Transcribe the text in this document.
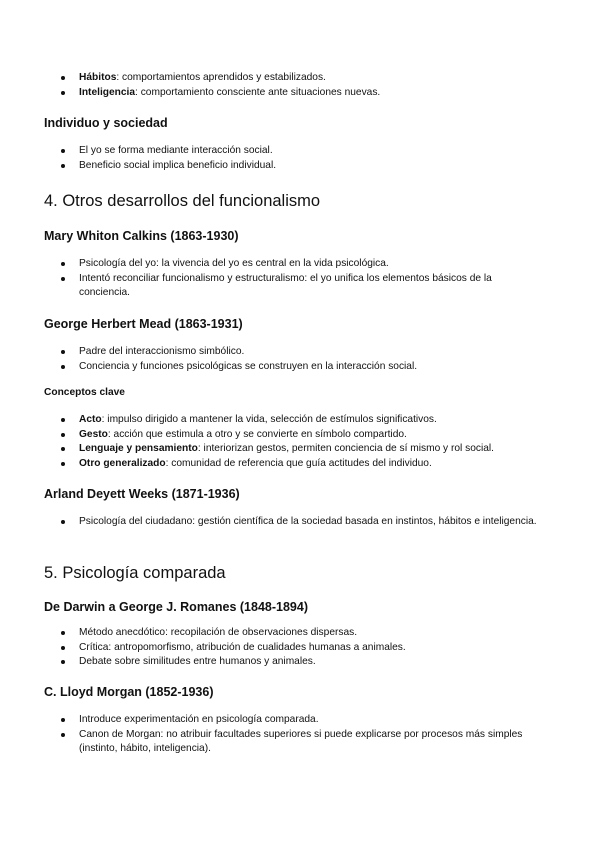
Hábitos: comportamientos aprendidos y estabilizados.
Inteligencia: comportamiento consciente ante situaciones nuevas.
Individuo y sociedad
El yo se forma mediante interacción social.
Beneficio social implica beneficio individual.
4. Otros desarrollos del funcionalismo
Mary Whiton Calkins (1863-1930)
Psicología del yo: la vivencia del yo es central en la vida psicológica.
Intentó reconciliar funcionalismo y estructuralismo: el yo unifica los elementos básicos de la conciencia.
George Herbert Mead (1863-1931)
Padre del interaccionismo simbólico.
Conciencia y funciones psicológicas se construyen en la interacción social.
Conceptos clave
Acto: impulso dirigido a mantener la vida, selección de estímulos significativos.
Gesto: acción que estimula a otro y se convierte en símbolo compartido.
Lenguaje y pensamiento: interiorizan gestos, permiten conciencia de sí mismo y rol social.
Otro generalizado: comunidad de referencia que guía actitudes del individuo.
Arland Deyett Weeks (1871-1936)
Psicología del ciudadano: gestión científica de la sociedad basada en instintos, hábitos e inteligencia.
5. Psicología comparada
De Darwin a George J. Romanes (1848-1894)
Método anecdótico: recopilación de observaciones dispersas.
Crítica: antropomorfismo, atribución de cualidades humanas a animales.
Debate sobre similitudes entre humanos y animales.
C. Lloyd Morgan (1852-1936)
Introduce experimentación en psicología comparada.
Canon de Morgan: no atribuir facultades superiores si puede explicarse por procesos más simples (instinto, hábito, inteligencia).
